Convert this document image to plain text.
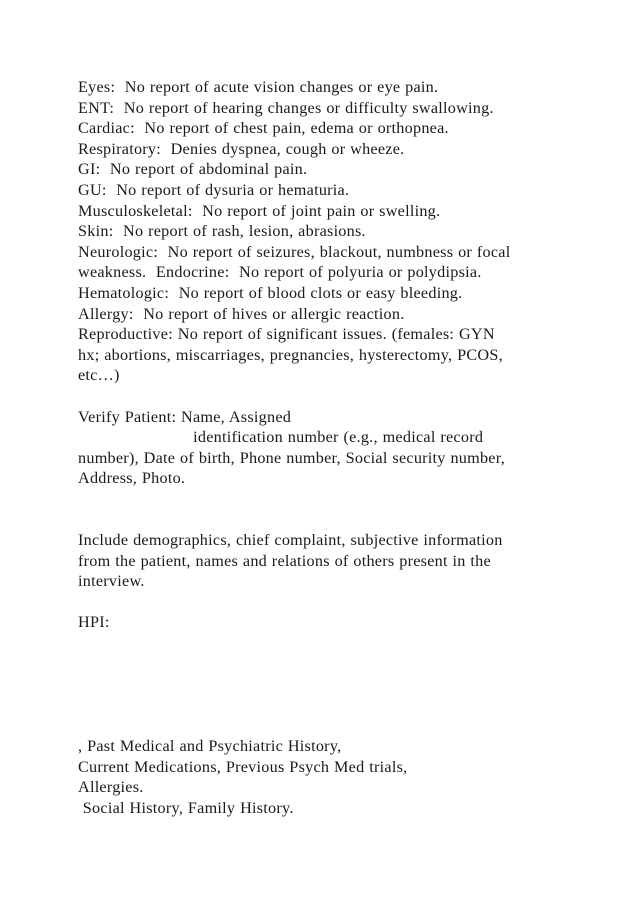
Eyes:  No report of acute vision changes or eye pain.
ENT:  No report of hearing changes or difficulty swallowing.
Cardiac:  No report of chest pain, edema or orthopnea.
Respiratory:  Denies dyspnea, cough or wheeze.
GI:  No report of abdominal pain.
GU:  No report of dysuria or hematuria.
Musculoskeletal:  No report of joint pain or swelling.
Skin:  No report of rash, lesion, abrasions.
Neurologic:  No report of seizures, blackout, numbness or focal
weakness.  Endocrine:  No report of polyuria or polydipsia.
Hematologic:  No report of blood clots or easy bleeding.
Allergy:  No report of hives or allergic reaction.
Reproductive: No report of significant issues. (females: GYN
hx; abortions, miscarriages, pregnancies, hysterectomy, PCOS,
etc…)
Verify Patient: Name, Assigned
identification number (e.g., medical record
number), Date of birth, Phone number, Social security number,
Address, Photo.
Include demographics, chief complaint, subjective information
from the patient, names and relations of others present in the
interview.
HPI:
, Past Medical and Psychiatric History,
Current Medications, Previous Psych Med trials,
Allergies.
Social History, Family History.
